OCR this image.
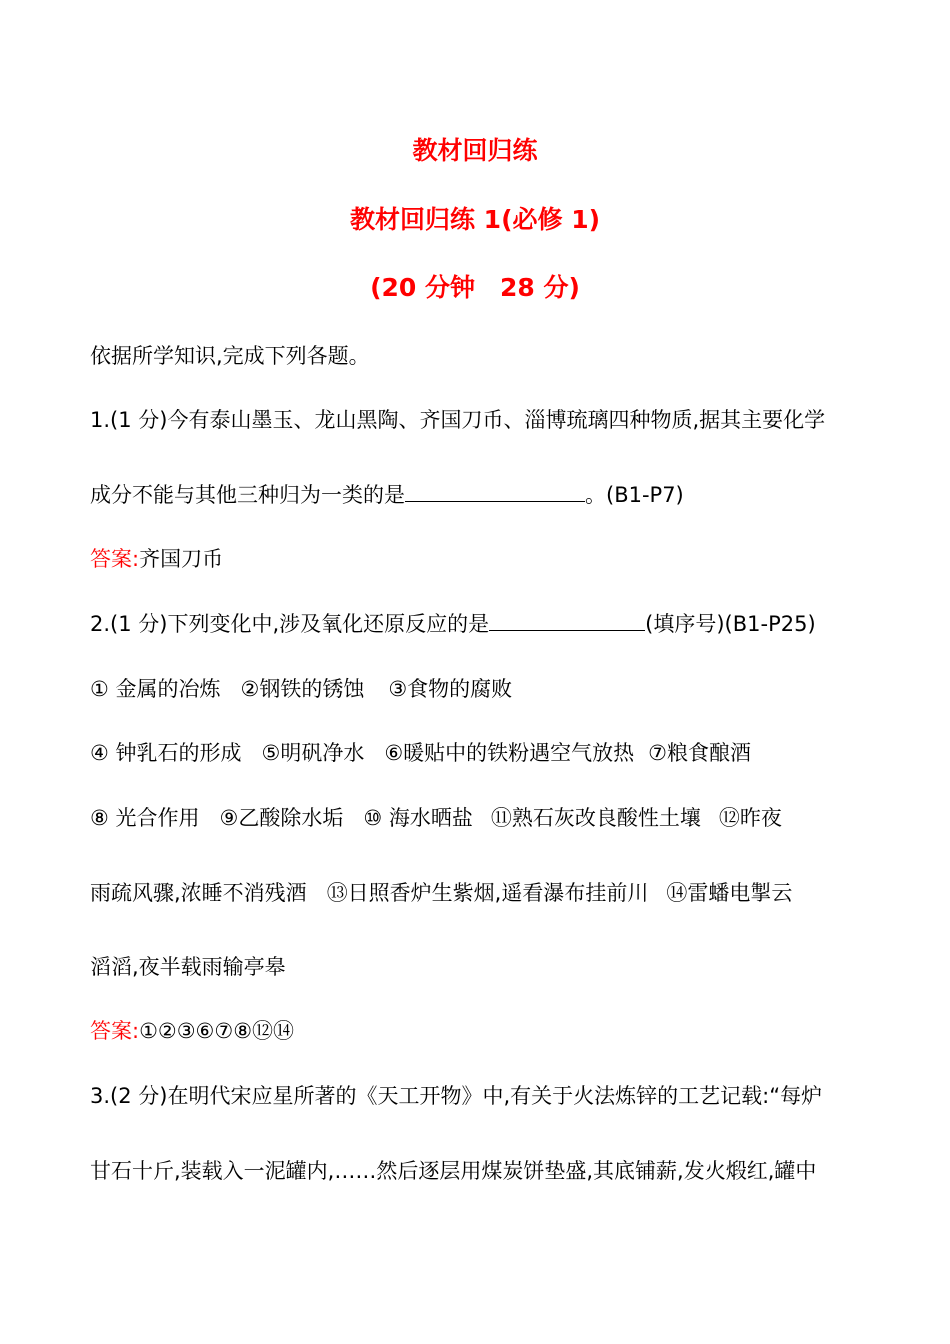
教材回归练
教材回归练 1(必修 1)
(20 分钟　28 分)
依据所学知识,完成下列各题。
1.(1 分)今有泰山墨玉、龙山黑陶、齐国刀币、淄博琉璃四种物质,据其主要化学
成分不能与其他三种归为一类的是	。(B1-P7)
答案:齐国刀币
2.(1 分)下列变化中,涉及氧化还原反应的是	(填序号)(B1-P25)
① 金属的冶炼 ②钢铁的锈蚀 ③食物的腐败
④ 钟乳石的形成 ⑤明矾净水 ⑥暖贴中的铁粉遇空气放热 ⑦粮食酿酒
⑧ 光合作用 ⑨乙酸除水垢 ⑩ 海水晒盐 ⑪熟石灰改良酸性土壤 ⑫昨夜
雨疏风骤,浓睡不消残酒 ⑬日照香炉生紫烟,遥看瀑布挂前川 ⑭雷蟠电掣云
滔滔,夜半载雨输亭皋
答案:①②③⑥⑦⑧⑫⑭
3.(2 分)在明代宋应星所著的《天工开物》中,有关于火法炼锌的工艺记载:“每炉
甘石十斤,装载入一泥罐内,……然后逐层用煤炭饼垫盛,其底铺薪,发火煅红,罐中
